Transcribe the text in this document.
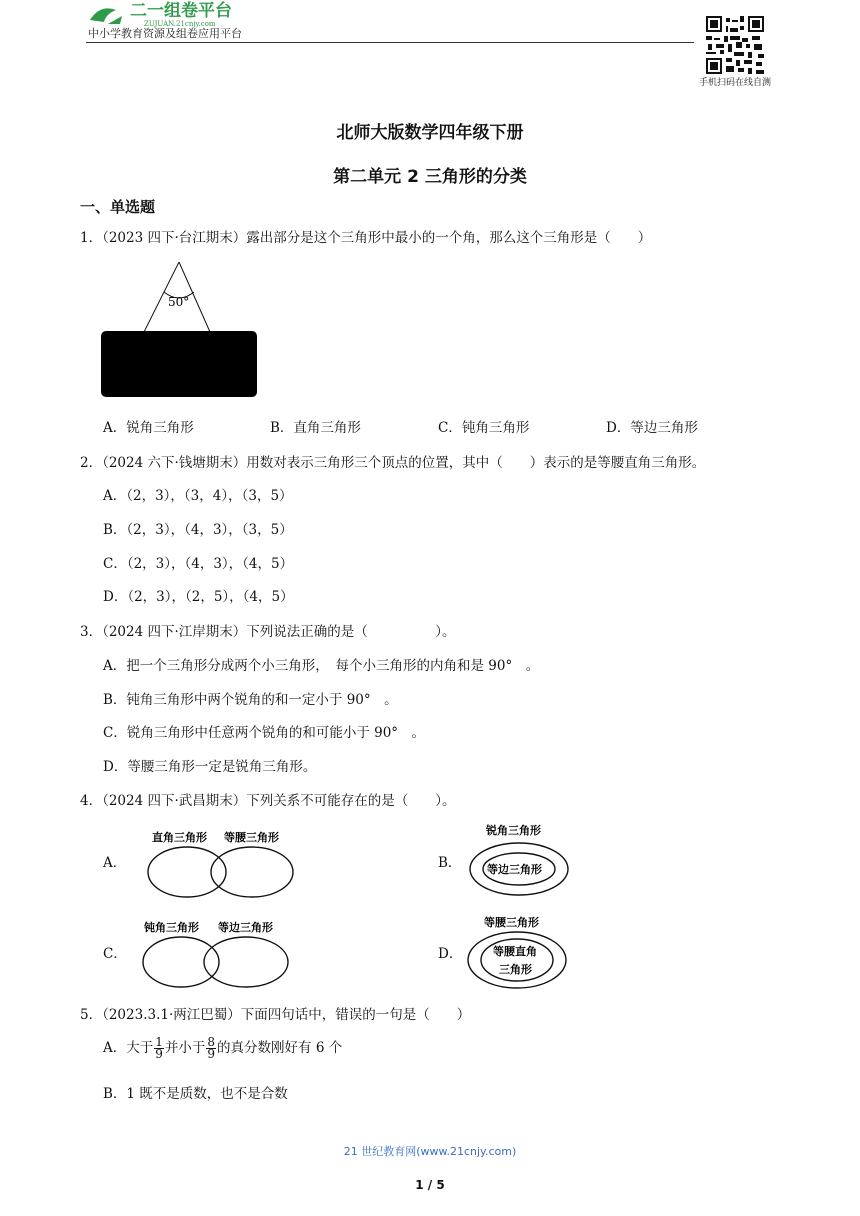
二一组卷平台
ZUJUAN.21cnjy.com
中小学教育资源及组卷应用平台
手机扫码在线自测
北师大版数学四年级下册
第二单元 2 三角形的分类
一、单选题
1．（2023 四下·台江期末）露出部分是这个三角形中最小的一个角，那么这个三角形是（　　）
50°
A．锐角三角形	B．直角三角形	C．钝角三角形	D．等边三角形
2．（2024 六下·钱塘期末）用数对表示三角形三个顶点的位置，其中（　　）表示的是等腰直角三角形。
A．（2，3），（3，4），（3，5）
B．（2，3），（4，3），（3，5）
C．（2，3），（4，3），（4，5）
D．（2，3），（2，5），（4，5）
3．（2024 四下·江岸期末）下列说法正确的是（　　　　　）。
A．把一个三角形分成两个小三角形，　每个小三角形的内角和是 90°　。
B．钝角三角形中两个锐角的和一定小于 90°　。
C．锐角三角形中任意两个锐角的和可能小于 90°　。
D．等腰三角形一定是锐角三角形。
4．（2024 四下·武昌期末）下列关系不可能存在的是（　　）。
A．
直角三角形 等腰三角形
B．
锐角三角形
等边三角形
C．
钝角三角形 等边三角形
D．
等腰三角形
等腰直角
三角形
5．（2023.3.1·两江巴蜀）下面四句话中，错误的一句是（　　）
A．大于 $\frac{1}{9}$ 并小于 $\frac{8}{9}$ 的真分数刚好有 6 个
B．1 既不是质数，也不是合数
21 世纪教育网(www.21cnjy.com)
1 / 5
